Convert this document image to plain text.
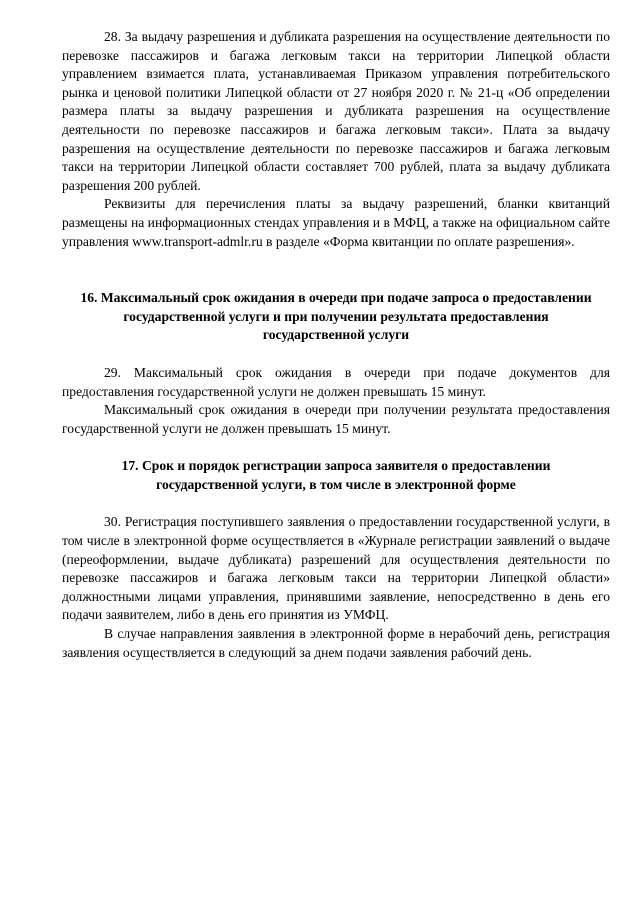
28. За выдачу разрешения и дубликата разрешения на осуществление деятельности по перевозке пассажиров и багажа легковым такси на территории Липецкой области управлением взимается плата, устанавливаемая Приказом управления потребительского рынка и ценовой политики Липецкой области от 27 ноября 2020 г. № 21-ц «Об определении размера платы за выдачу разрешения и дубликата разрешения на осуществление деятельности по перевозке пассажиров и багажа легковым такси». Плата за выдачу разрешения на осуществление деятельности по перевозке пассажиров и багажа легковым такси на территории Липецкой области составляет 700 рублей, плата за выдачу дубликата разрешения 200 рублей.

Реквизиты для перечисления платы за выдачу разрешений, бланки квитанций размещены на информационных стендах управления и в МФЦ, а также на официальном сайте управления www.transport-admlr.ru в разделе «Форма квитанции по оплате разрешения».

16. Максимальный срок ожидания в очереди при подаче запроса о предоставлении государственной услуги и при получении результата предоставления государственной услуги

29. Максимальный срок ожидания в очереди при подаче документов для предоставления государственной услуги не должен превышать 15 минут.

Максимальный срок ожидания в очереди при получении результата предоставления государственной услуги не должен превышать 15 минут.

17. Срок и порядок регистрации запроса заявителя о предоставлении государственной услуги, в том числе в электронной форме

30. Регистрация поступившего заявления о предоставлении государственной услуги, в том числе в электронной форме осуществляется в «Журнале регистрации заявлений о выдаче (переоформлении, выдаче дубликата) разрешений для осуществления деятельности по перевозке пассажиров и багажа легковым такси на территории Липецкой области» должностными лицами управления, принявшими заявление, непосредственно в день его подачи заявителем, либо в день его принятия из УМФЦ.

В случае направления заявления в электронной форме в нерабочий день, регистрация заявления осуществляется в следующий за днем подачи заявления рабочий день.
